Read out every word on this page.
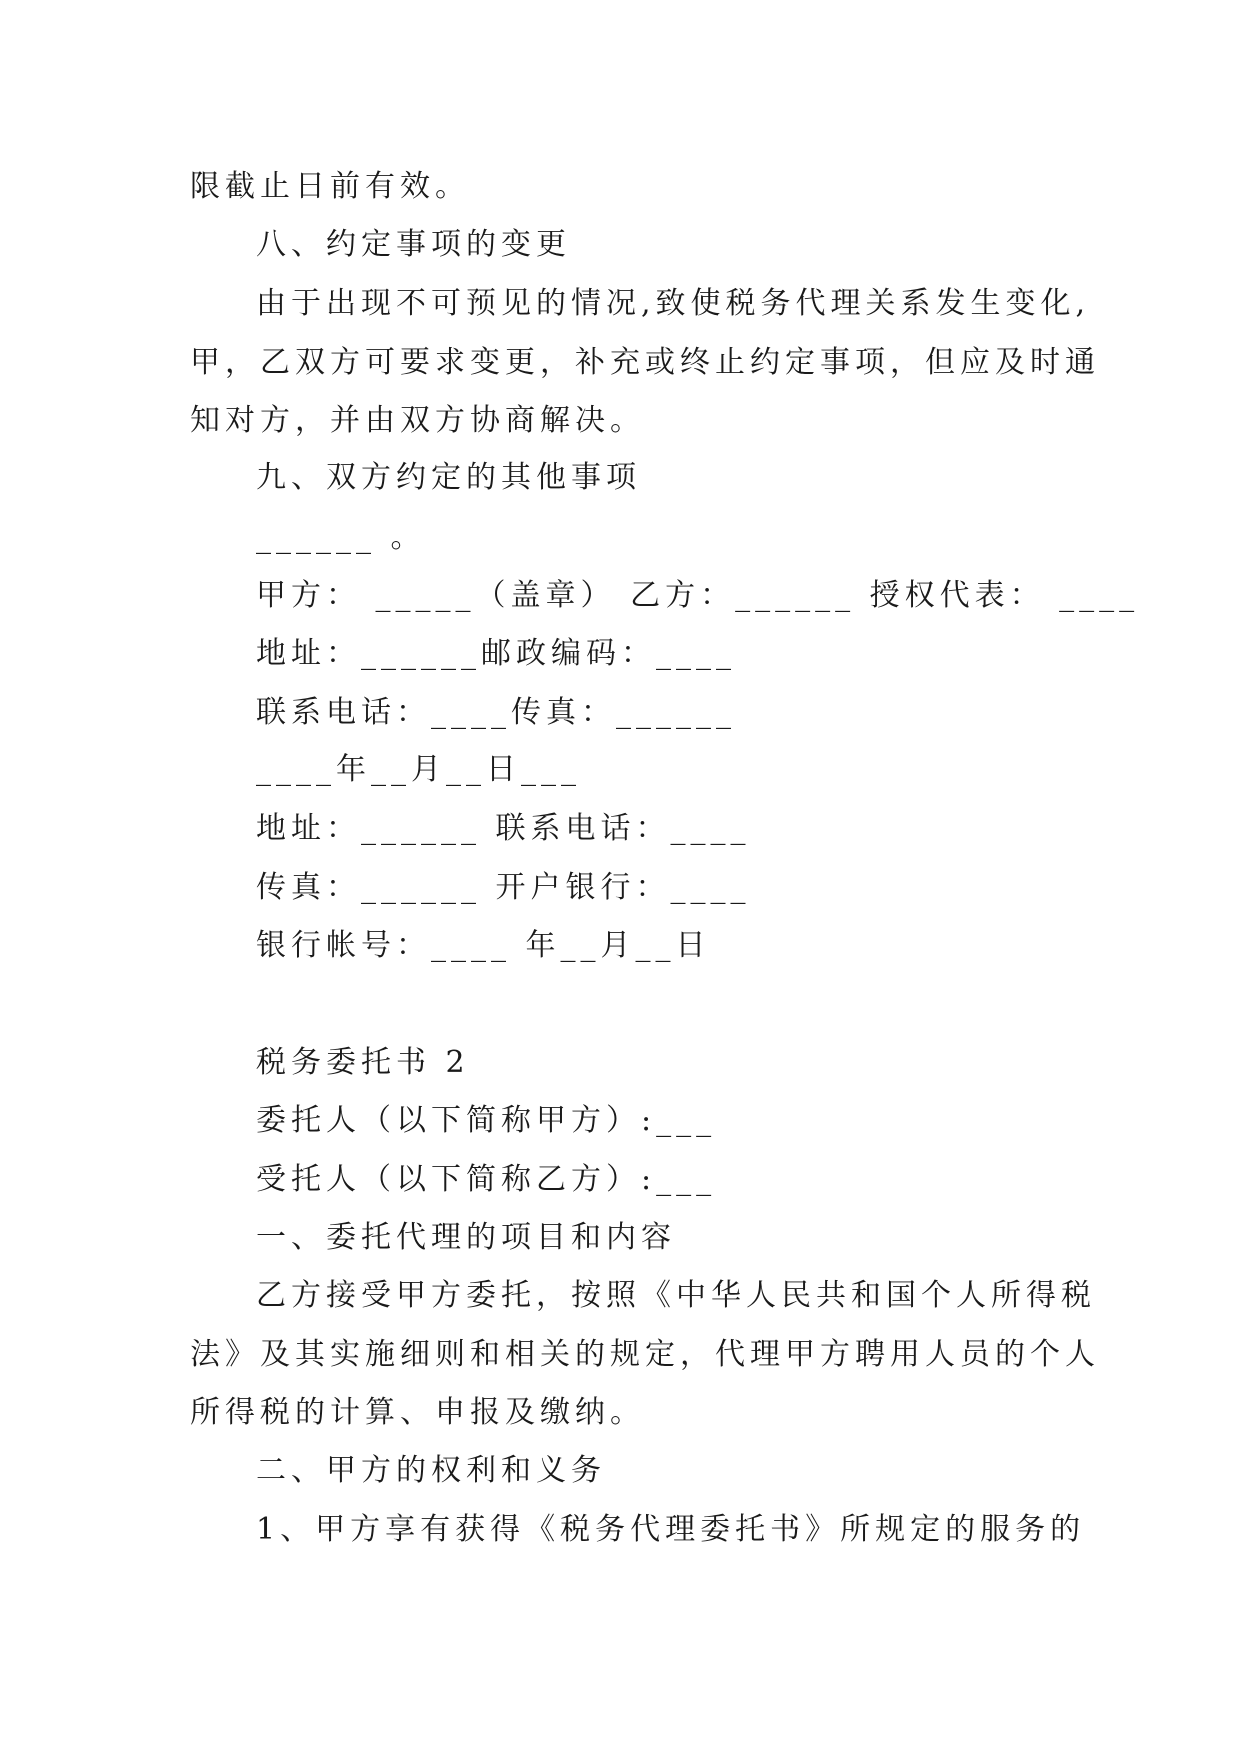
限截止日前有效。
八、约定事项的变更
由于出现不可预见的情况,致使税务代理关系发生变化,
甲，乙双方可要求变更，补充或终止约定事项，但应及时通
知对方，并由双方协商解决。
九、双方约定的其他事项
______ 。
甲方： _____（盖章） 乙方：______ 授权代表： ____
地址：______邮政编码：____
联系电话：____传真：______
____年__月__日___
地址：______ 联系电话：____
传真：______ 开户银行：____
银行帐号：____ 年__月__日
税务委托书 2
委托人（以下简称甲方）:___
受托人（以下简称乙方）:___
一、委托代理的项目和内容
乙方接受甲方委托，按照《中华人民共和国个人所得税
法》及其实施细则和相关的规定，代理甲方聘用人员的个人
所得税的计算、申报及缴纳。
二、甲方的权利和义务
1、甲方享有获得《税务代理委托书》所规定的服务的
